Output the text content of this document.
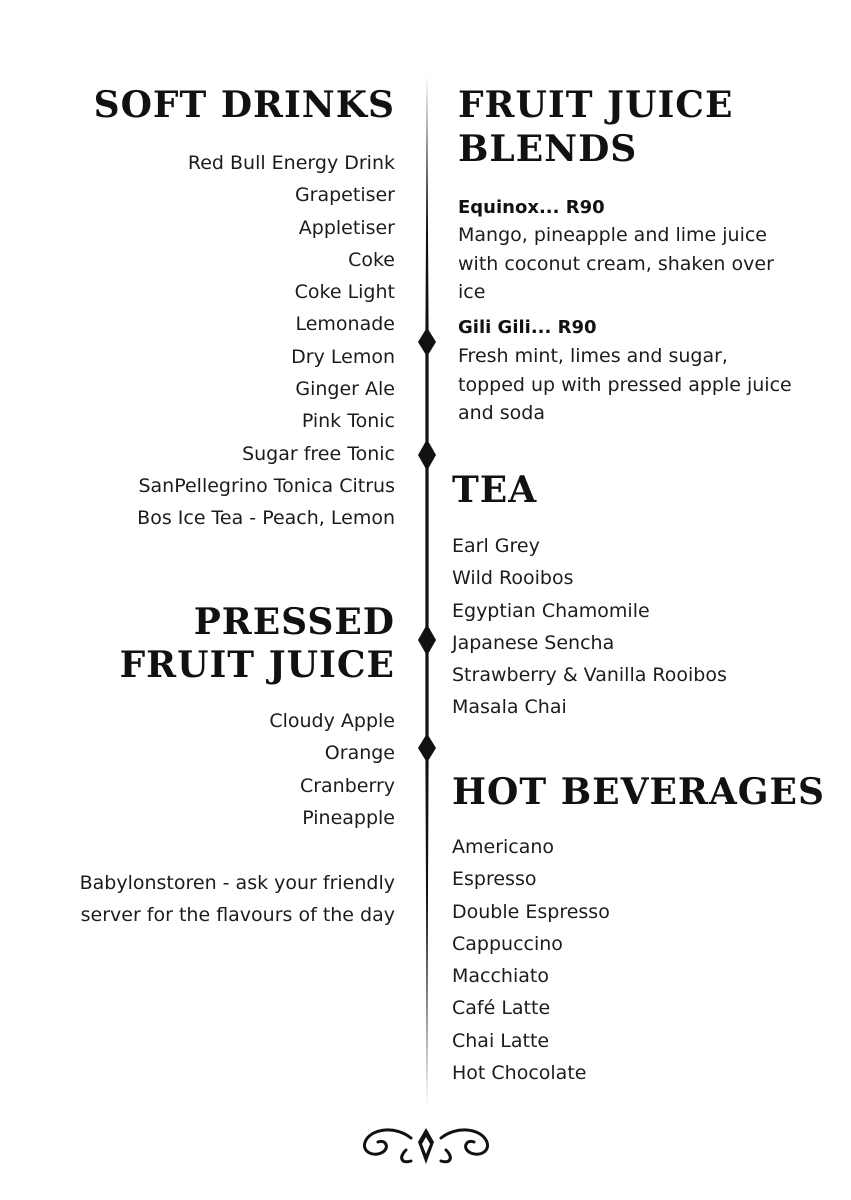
SOFT DRINKS
Red Bull Energy Drink
Grapetiser
Appletiser
Coke
Coke Light
Lemonade
Dry Lemon
Ginger Ale
Pink Tonic
Sugar free Tonic
SanPellegrino Tonica Citrus
Bos Ice Tea - Peach, Lemon
PRESSED
FRUIT JUICE
Cloudy Apple
Orange
Cranberry
Pineapple

Babylonstoren - ask your friendly

server for the flavours of the day

FRUIT JUICE
BLENDS

Equinox... R90

Mango, pineapple and lime juice with coconut cream, shaken over ice

Gili Gili... R90

Fresh mint, limes and sugar, topped up with pressed apple juice and soda

TEA
Earl Grey
Wild Rooibos
Egyptian Chamomile
Japanese Sencha
Strawberry & Vanilla Rooibos
Masala Chai
HOT BEVERAGES
Americano
Espresso
Double Espresso
Cappuccino
Macchiato
Café Latte
Chai Latte
Hot Chocolate
